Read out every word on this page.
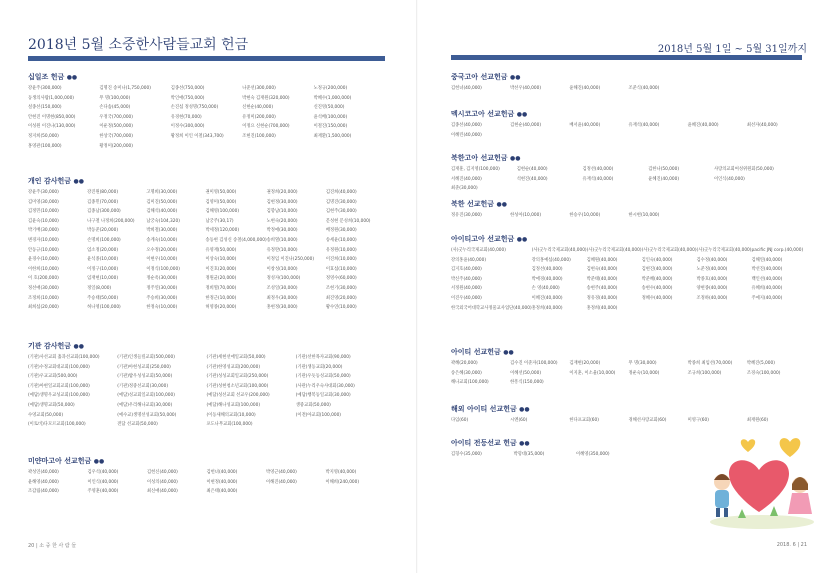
2018년 5월 소중한사람들교회 헌금
십일조 헌금 ●●
강윤주(300,000)	김명진 송미나(1,750,000)	김종선(750,000)	나준선(300,000)	노정규(200,000)
동생의사람(1,000,000)	무 명(100,000)	박인애(750,000)	박현숙 김재원(320,000)	박혜수(1,000,000)
설종선(150,000)	손다솜(45,000)	손진섭 정성명(750,000)	신현순(40,000)	신진영(50,000)
안현진 이명현(850,000)	우정국(700,000)	유경현(70,000)	유정미(200,000)	윤석배(100,000)
이성원 이진나(130,000)	이운정(500,000)	이정수(300,000)	이정요 신현순(700,000)	이철진(150,000)
정지희(50,000)	한상국(700,000)	황정희 이인 이철(343,700)	조현진(100,000)	최재환(1,500,000)
홍영관(100,000)	황정미(200,000)
개인 감사헌금 ●●
강윤주(30,000)	강진원(80,000)	고명희(30,000)	권미영(50,000)	권정희(20,000)	김진희(40,000)
김미영(30,000)	김종민(70,000)	김미진(50,000)	김영미(50,000)	김현정(30,000)	김명진(30,000)
김정민(10,000)	김종남(300,000)	김해석(40,000)	김해영(100,000)	김향남(10,000)	김현주(30,000)
김윤숙(10,000)	나구철 나정희(200,000)	남궁숙(104,320)	남궁주(30,17)	노현숙(20,000)	문성현 문성희(10,000)
박기배(30,000)	박동준(20,000)	박희철(30,000)	박세정(120,000)	박정애(30,000)	배정원(30,000)
변경자(10,000)	손명희(100,000)	송계숙(10,000)	송동현 김성신 송철(4,000,000) 송희열(10,000)	송세윤(10,000)
안동규(10,000)	엄소정(20,000)	오수정(20,000)	유영재(50,000)	유정란(10,000)	유정원(10,000)
윤경수(10,000)	윤석종(10,000)	이현우(10,000)	이상숙(10,000)	이정임 이진나(250,000)	이진희(10,000)
이한희(10,000)	이정구(10,000)	이정식(100,000)	이진호(20,000)	이창성(10,000)	이효섭(10,000)
이 호(200,000)	임재현(10,000)	정순옥(30,000)	정원균(20,000)	정성자(100,000)	정영수(60,000)
정선애(30,000)	정일(8,000)	정주연(30,000)	정희열(70,000)	조성일(30,000)	조현기(30,000)
조정희(10,000)	주승태(50,000)	주승희(30,000)	한정근(10,000)	최정우(30,000)	최진영(20,000)
최희섭(20,000)	허나영(100,000)	한정숙(10,000)	허영종(20,000)	홍현정(30,000)	황수연(10,000)
기관 감사헌금 ●●
(기관)사선교회 흙과선교회(100,000)	(기관)인생들릴교회(500,000)	(기관)세현선애일교회(50,000)	(기관)선한목자교회(90,000)
(기관)수정교회대교회(100,000)	(기관)아현성교회(250,000)	(기관)한영성교회(200,000)	(기관)생동교회(20,000)
(기관)우교교회(500,000)	(기관)밥우성성교회(50,000)	(기관)성성교회일교회(250,000)	(기관)우듯동성교회(50,000)
(기관)아현일교회교회(100,000)	(기관)정중선교회(30,000)	(기관)성현청소년교회(100,000)	(사관)누리우숙사대회(30,000)
(예담)생명우교성교회(100,000)	(예담)성교회일교회(100,000)	(예담)성선교회 선교우(200,000)	(예담)행복동일교회(30,000)
(예담)생명교회(50,000)	(예담)우리해나교회(30,000)	(예담)해나성교회(100,000)	생중교회(50,000)
수영교회(50,000)	(예수교)생명선성교회(50,000)	(이동새해의교회(10,000)	(이전)아교회(100,000)
(이토비)다모르교회(100,000)	전담 선교회(50,000)	포도나무교회(100,000)
미얀마고아 선교헌금 ●●
곽성연(40,000)	김우석(40,000)	김헌신(40,000)	김헌녀(40,000)	박영근(40,000)	박지영(40,000)
윤해영(40,000)	이인식(40,000)	이성의(40,000)	이현정(40,000)	이해진(40,000)	이해희(240,000)
조갑림(40,000)	주영훈(40,000)	최신애(40,000)	최은태(40,000)
20 | 소 중 한 사 람 들
2018년 5월 1일 ~ 5월 31일까지
중국고아 선교헌금 ●●
김헌녀(40,000)	박선우(40,000)	윤해진(40,000)	조준식(40,000)
멕시코고아 선교헌금 ●●
김종선(40,000)	김현순(40,000)	배서윤(40,000)	유재석(40,000)	윤혜진(40,000)	최선자(40,000)
이혜린(40,000)
북한고아 선교헌금 ●●
김재훈, 김지영(100,000)	김현순(40,000)	김정선(40,000)	김한나(50,000)	사랑의교회여성위원회(50,000)
서혜진(40,000)	석현진(40,000)	유재석(40,000)	윤혜진(40,000)	이인식(40,000)
최준(30,000)
북한 선교헌금 ●●
정유진(30,000)	한성아(10,000)	한승우(10,000)	한시현(10,000)
아이티고아 선교헌금 ●●
(사)굿누리국제교회(40,000)	(사)굿누리국제교회(40,000) (사)굿누리국제교회(40,000) (사)굿누리국제교회(40,000) (사)굿누리국제교회(40,000) pacific JNJ corp.(40,000)
강의홍윤(40,000)	강의홍예섭(40,000)	김혜원(40,000)	김인숙(40,000)	김수정(40,000)	김해연(40,000)
김지호(40,000)	김정선(40,000)	김현숙(40,000)	김현진(40,000)	노준정(40,000)	박선진(40,000)
박신주(40,000)	박애경(40,000)	박준태(40,000)	박준혜(40,000)	박종호(40,000)	백인선(40,000)
서정원(40,000)	손 영(40,000)	송현주(40,000)	송현수(40,000)	양현종(40,000)	유혜희(40,000)
이진우(40,000)	이혜진(40,000)	정유경(40,000)	정혜수(40,000)	조정하(40,000)	주예지(40,000)
한국외국어대학교사정물교사업단(40,000) 홍정희(40,000)	홍정희(40,000)
아이티 선교헌금 ●●
곽혜(20,000)	김수진 이준자(100,000)	김재현(20,000)	무 명(30,000)	박종희 최임선(70,000)	박혜진(5,000)
송은혜(30,000)	이혜선(50,000)	이지훈, 이소율(10,000)	정운숙(10,000)	조규희(100,000)	조경숙(100,000)
해나교회(100,000)	한흥식(150,000)
해외 아이티 선교헌금 ●●
다임(60)	시엔(60)	한다프교회(60)	경해선사랑교회(60)	미영구(60)	최재원(60)
아이티 전등선교 헌금 ●●
김형수(35,000)	박형대(35,000)	이혜영(350,000)
2018. 6 | 21
